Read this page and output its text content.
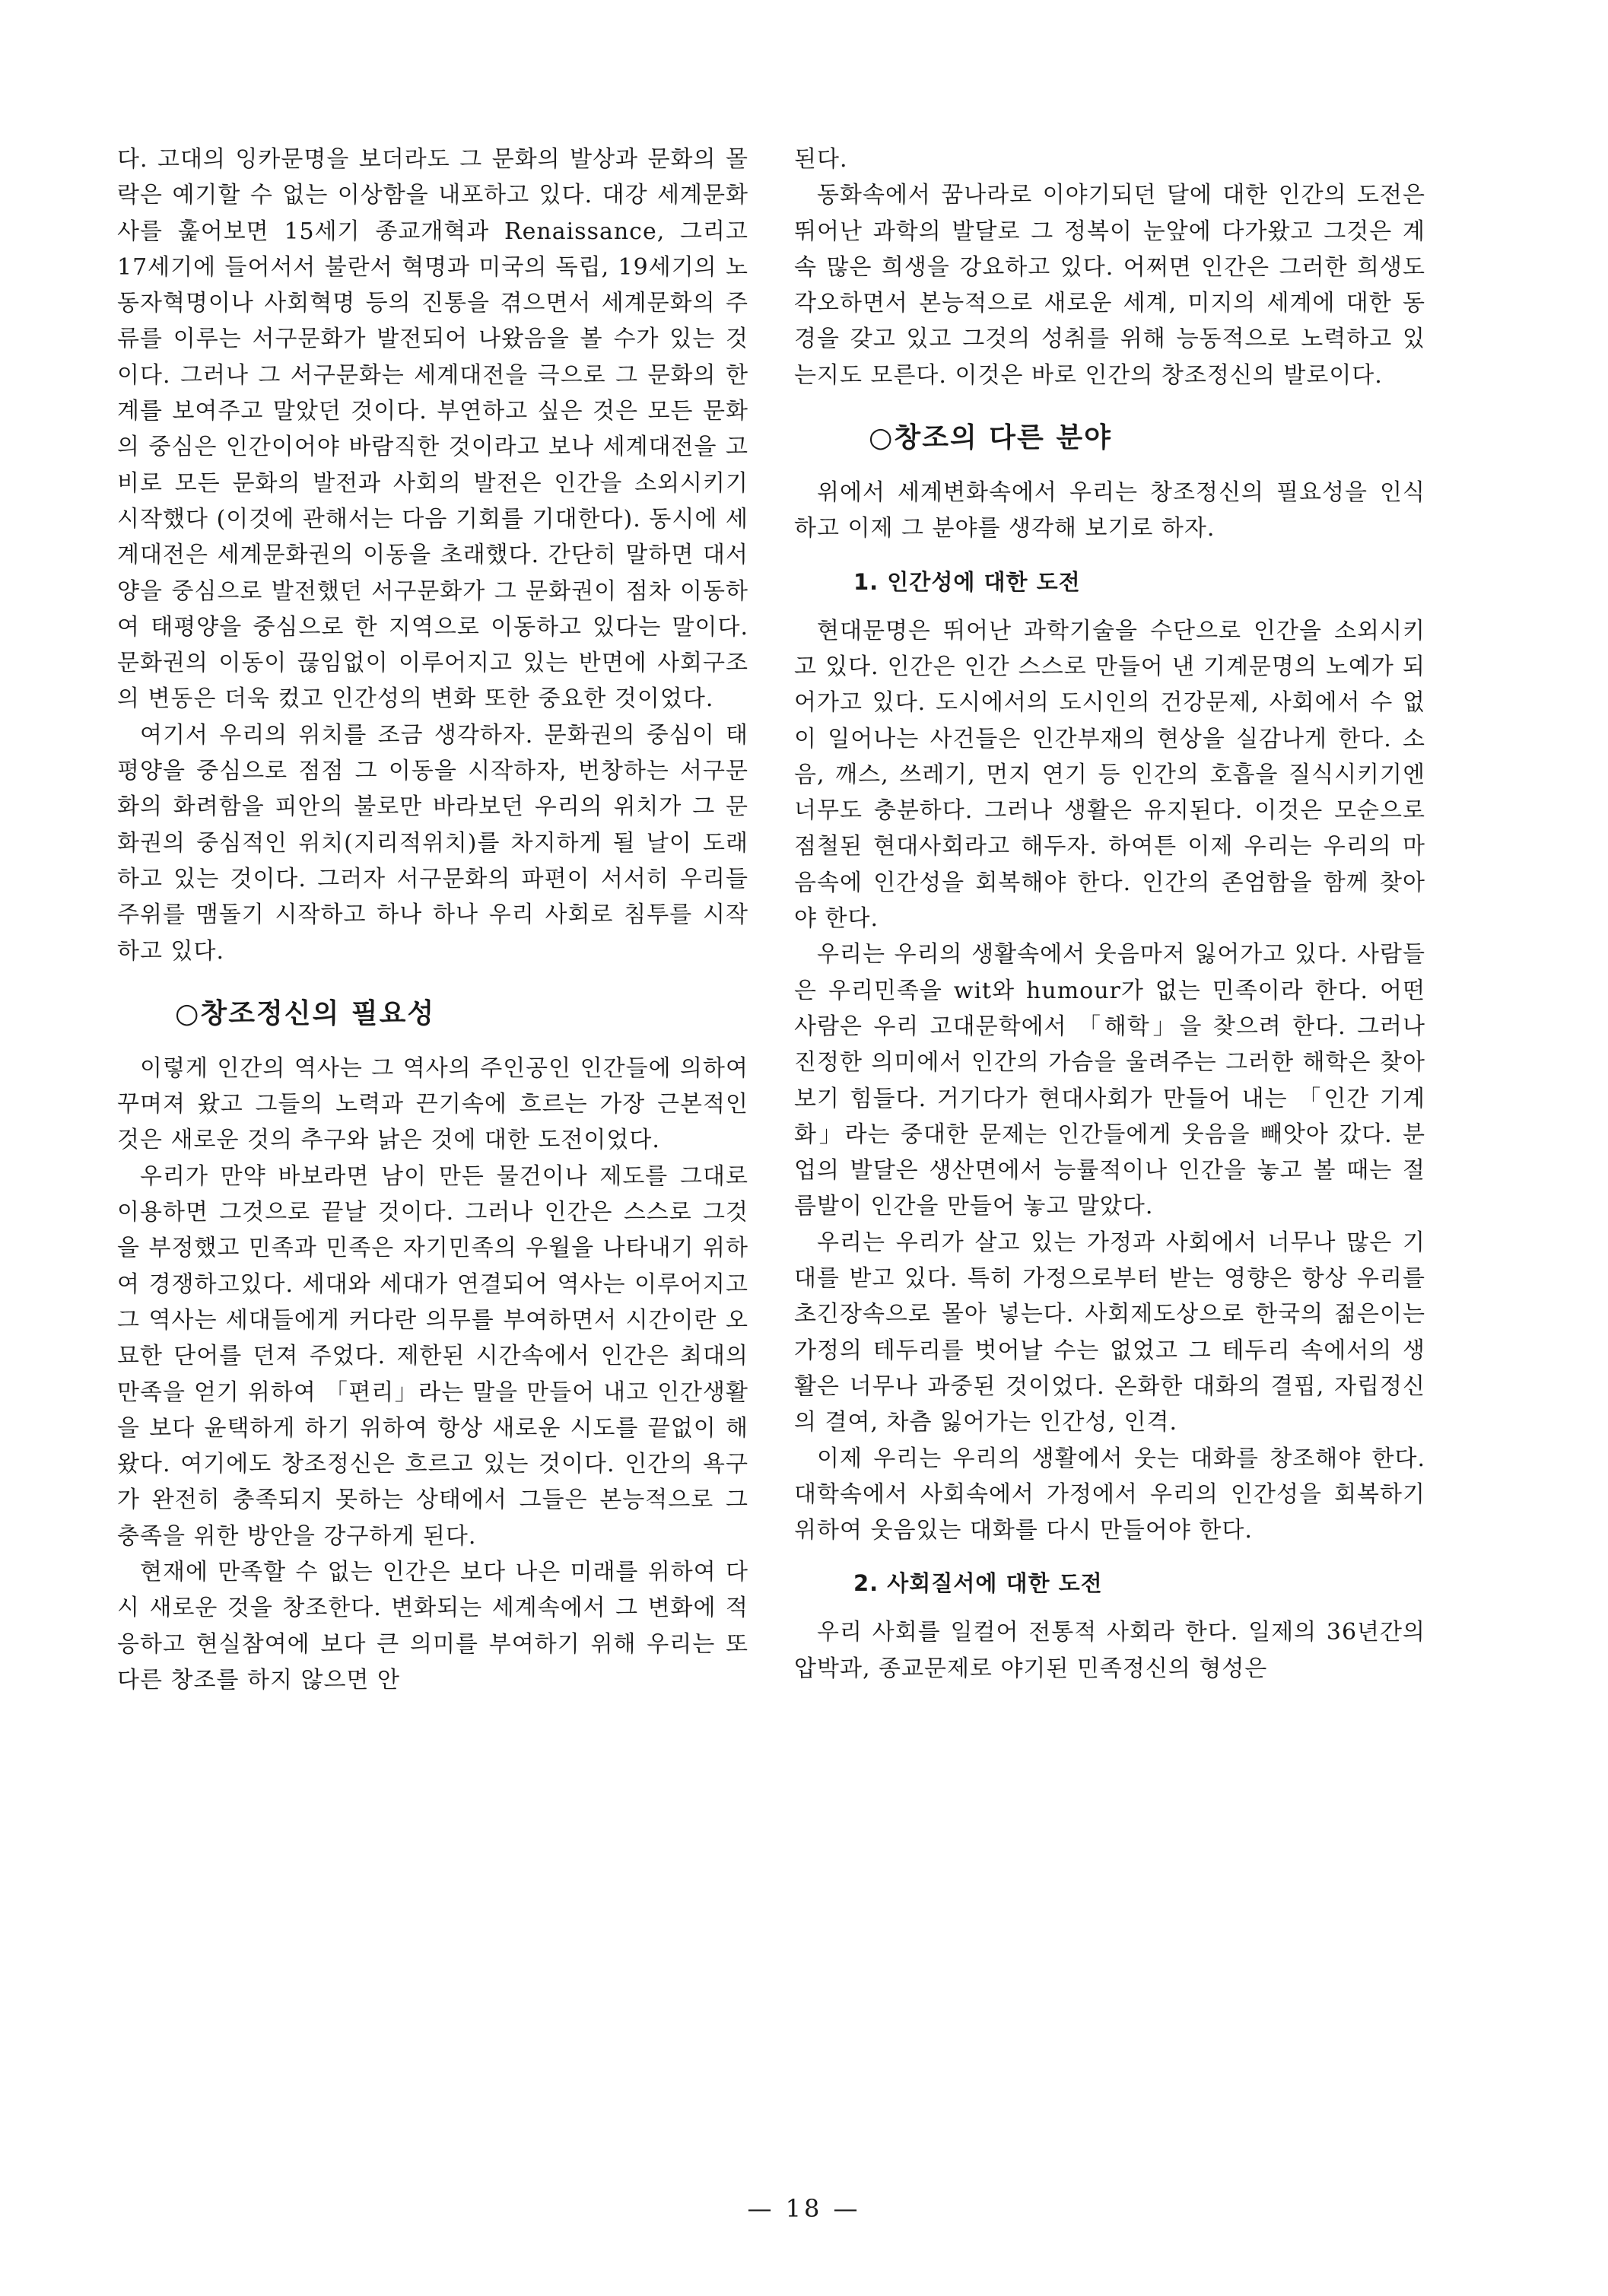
다. 고대의 잉카문명을 보더라도 그 문화의 발상과 문화의 몰락은 예기할 수 없는 이상함을 내포하고 있다. 대강 세계문화사를 훑어보면 15세기 종교개혁과 Renaissance, 그리고 17세기에 들어서서 불란서 혁명과 미국의 독립, 19세기의 노동자혁명이나 사회혁명 등의 진통을 겪으면서 세계문화의 주류를 이루는 서구문화가 발전되어 나왔음을 볼 수가 있는 것이다. 그러나 그 서구문화는 세계대전을 극으로 그 문화의 한계를 보여주고 말았던 것이다. 부연하고 싶은 것은 모든 문화의 중심은 인간이어야 바람직한 것이라고 보나 세계대전을 고비로 모든 문화의 발전과 사회의 발전은 인간을 소외시키기 시작했다 (이것에 관해서는 다음 기회를 기대한다). 동시에 세계대전은 세계문화권의 이동을 초래했다. 간단히 말하면 대서양을 중심으로 발전했던 서구문화가 그 문화권이 점차 이동하여 태평양을 중심으로 한 지역으로 이동하고 있다는 말이다. 문화권의 이동이 끊임없이 이루어지고 있는 반면에 사회구조의 변동은 더욱 컸고 인간성의 변화 또한 중요한 것이었다.

여기서 우리의 위치를 조금 생각하자. 문화권의 중심이 태평양을 중심으로 점점 그 이동을 시작하자, 번창하는 서구문화의 화려함을 피안의 불로만 바라보던 우리의 위치가 그 문화권의 중심적인 위치(지리적위치)를 차지하게 될 날이 도래하고 있는 것이다. 그러자 서구문화의 파편이 서서히 우리들 주위를 맴돌기 시작하고 하나 하나 우리 사회로 침투를 시작하고 있다.

○창조정신의 필요성

이렇게 인간의 역사는 그 역사의 주인공인 인간들에 의하여 꾸며져 왔고 그들의 노력과 끈기속에 흐르는 가장 근본적인 것은 새로운 것의 추구와 낡은 것에 대한 도전이었다.

우리가 만약 바보라면 남이 만든 물건이나 제도를 그대로 이용하면 그것으로 끝날 것이다. 그러나 인간은 스스로 그것을 부정했고 민족과 민족은 자기민족의 우월을 나타내기 위하여 경쟁하고있다. 세대와 세대가 연결되어 역사는 이루어지고 그 역사는 세대들에게 커다란 의무를 부여하면서 시간이란 오묘한 단어를 던져 주었다. 제한된 시간속에서 인간은 최대의 만족을 얻기 위하여 「편리」라는 말을 만들어 내고 인간생활을 보다 윤택하게 하기 위하여 항상 새로운 시도를 끝없이 해왔다. 여기에도 창조정신은 흐르고 있는 것이다. 인간의 욕구가 완전히 충족되지 못하는 상태에서 그들은 본능적으로 그 충족을 위한 방안을 강구하게 된다.

현재에 만족할 수 없는 인간은 보다 나은 미래를 위하여 다시 새로운 것을 창조한다. 변화되는 세계속에서 그 변화에 적응하고 현실참여에 보다 큰 의미를 부여하기 위해 우리는 또 다른 창조를 하지 않으면 안

된다.

동화속에서 꿈나라로 이야기되던 달에 대한 인간의 도전은 뛰어난 과학의 발달로 그 정복이 눈앞에 다가왔고 그것은 계속 많은 희생을 강요하고 있다. 어쩌면 인간은 그러한 희생도 각오하면서 본능적으로 새로운 세계, 미지의 세계에 대한 동경을 갖고 있고 그것의 성취를 위해 능동적으로 노력하고 있는지도 모른다. 이것은 바로 인간의 창조정신의 발로이다.

○창조의 다른 분야

위에서 세계변화속에서 우리는 창조정신의 필요성을 인식하고 이제 그 분야를 생각해 보기로 하자.

1. 인간성에 대한 도전

현대문명은 뛰어난 과학기술을 수단으로 인간을 소외시키고 있다. 인간은 인간 스스로 만들어 낸 기계문명의 노예가 되어가고 있다. 도시에서의 도시인의 건강문제, 사회에서 수 없이 일어나는 사건들은 인간부재의 현상을 실감나게 한다. 소음, 깨스, 쓰레기, 먼지 연기 등 인간의 호흡을 질식시키기엔 너무도 충분하다. 그러나 생활은 유지된다. 이것은 모순으로 점철된 현대사회라고 해두자. 하여튼 이제 우리는 우리의 마음속에 인간성을 회복해야 한다. 인간의 존엄함을 함께 찾아야 한다.

우리는 우리의 생활속에서 웃음마저 잃어가고 있다. 사람들은 우리민족을 wit와 humour가 없는 민족이라 한다. 어떤 사람은 우리 고대문학에서 「해학」을 찾으려 한다. 그러나 진정한 의미에서 인간의 가슴을 울려주는 그러한 해학은 찾아보기 힘들다. 거기다가 현대사회가 만들어 내는 「인간 기계화」라는 중대한 문제는 인간들에게 웃음을 빼앗아 갔다. 분업의 발달은 생산면에서 능률적이나 인간을 놓고 볼 때는 절름발이 인간을 만들어 놓고 말았다.

우리는 우리가 살고 있는 가정과 사회에서 너무나 많은 기대를 받고 있다. 특히 가정으로부터 받는 영향은 항상 우리를 초긴장속으로 몰아 넣는다. 사회제도상으로 한국의 젊은이는 가정의 테두리를 벗어날 수는 없었고 그 테두리 속에서의 생활은 너무나 과중된 것이었다. 온화한 대화의 결핍, 자립정신의 결여, 차츰 잃어가는 인간성, 인격.

이제 우리는 우리의 생활에서 웃는 대화를 창조해야 한다. 대학속에서 사회속에서 가정에서 우리의 인간성을 회복하기 위하여 웃음있는 대화를 다시 만들어야 한다.

2. 사회질서에 대한 도전

우리 사회를 일컬어 전통적 사회라 한다. 일제의 36년간의 압박과, 종교문제로 야기된 민족정신의 형성은

— 18 —
